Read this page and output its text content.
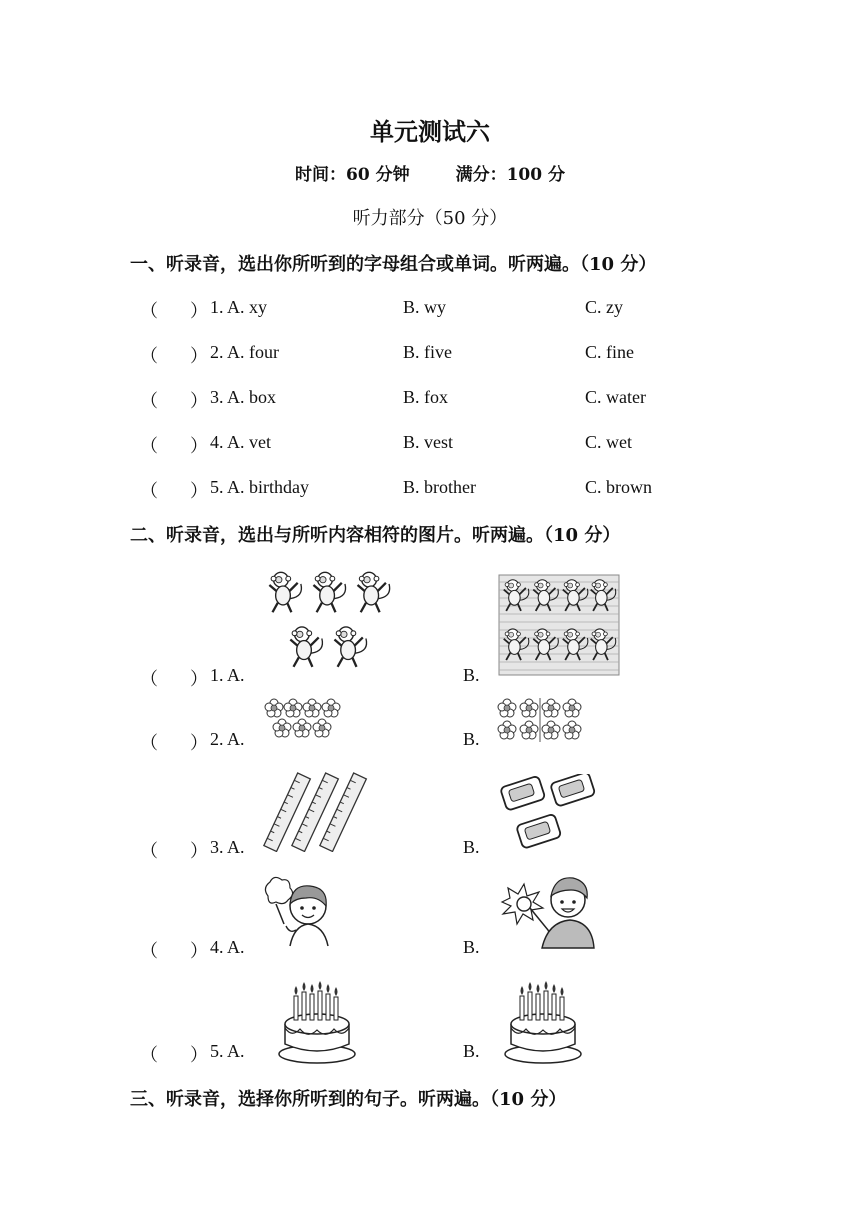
单元测试六
时间：60 分钟	满分：100 分
听力部分（50 分）
一、听录音，选出你所听到的字母组合或单词。听两遍。（10 分）
（ ） 1. A. xy	B. wy	C. zy
（ ） 2. A. four	B. five	C. fine
（ ） 3. A. box	B. fox	C. water
（ ） 4. A. vet	B. vest	C. wet
（ ） 5. A. birthday	B. brother	C. brown
二、听录音，选出与所听内容相符的图片。听两遍。（10 分）
（ ） 1. A.	B.
（ ） 2. A.	B.
（ ） 3. A.	B.
（ ） 4. A.	B.
（ ） 5. A.	B.
三、听录音，选择你所听到的句子。听两遍。（10 分）
